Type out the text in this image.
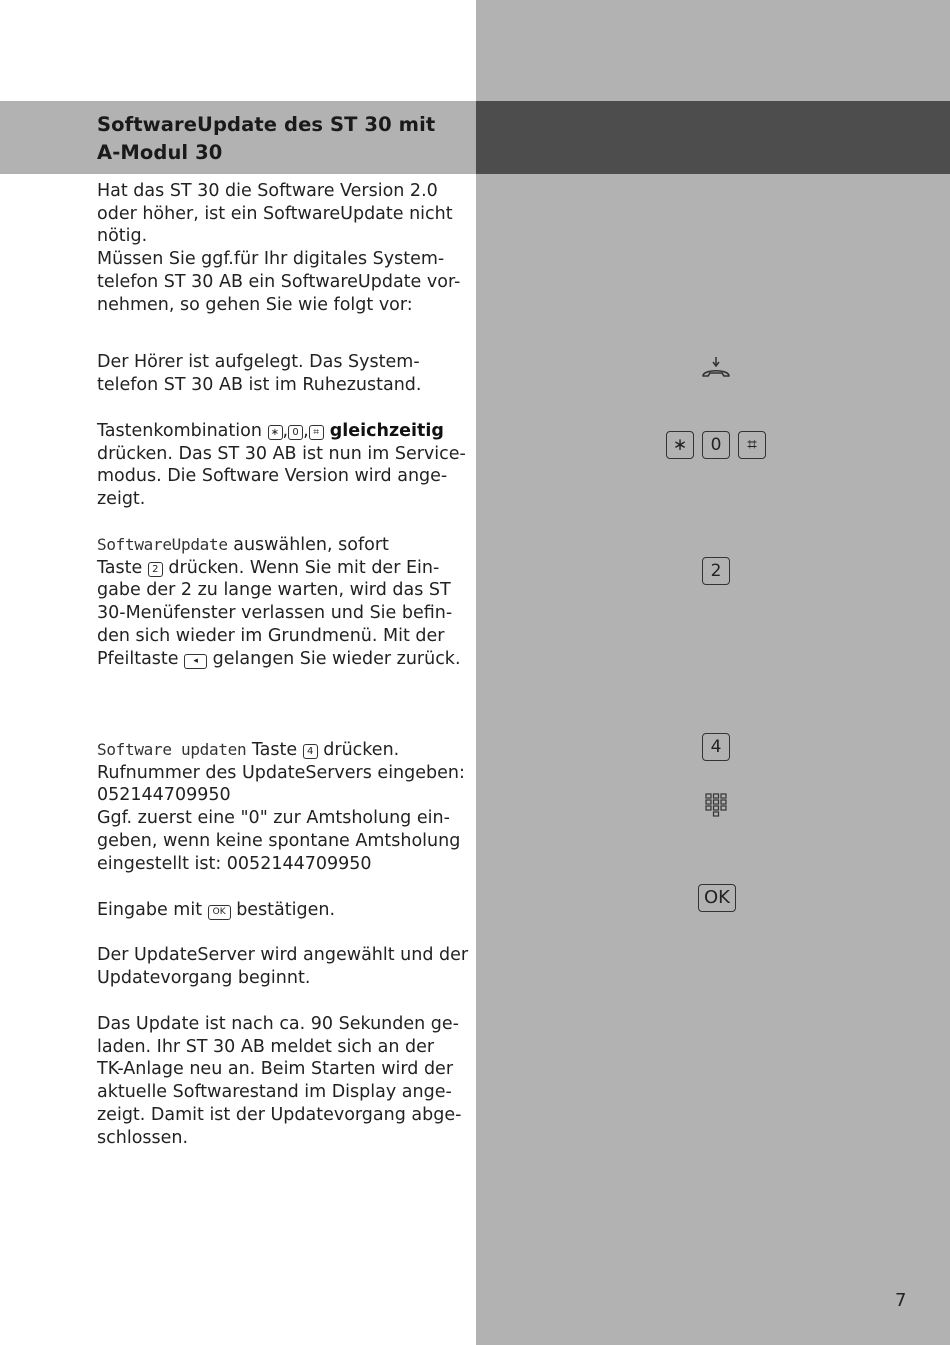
SoftwareUpdate des ST 30 mit
A-Modul 30

Hat das ST 30 die Software Version 2.0
oder höher, ist ein SoftwareUpdate nicht
nötig.
Müssen Sie ggf.für Ihr digitales System-
telefon ST 30 AB ein SoftwareUpdate vor-
nehmen, so gehen Sie wie folgt vor:

Der Hörer ist aufgelegt. Das System-
telefon ST 30 AB ist im Ruhezustand.

Tastenkombination ∗ , 0 , ⌗ gleichzeitig
drücken. Das ST 30 AB ist nun im Service-
modus. Die Software Version wird ange-
zeigt.

SoftwareUpdate auswählen, sofort
Taste 2 drücken. Wenn Sie mit der Ein-
gabe der 2 zu lange warten, wird das ST
30-Menüfenster verlassen und Sie befin-
den sich wieder im Grundmenü. Mit der
Pfeiltaste ◂ gelangen Sie wieder zurück.

Software updaten Taste 4 drücken.
Rufnummer des UpdateServers eingeben:
052144709950
Ggf. zuerst eine "0" zur Amtsholung ein-
geben, wenn keine spontane Amtsholung
eingestellt ist: 0052144709950

Eingabe mit OK bestätigen.

Der UpdateServer wird angewählt und der
Updatevorgang beginnt.

Das Update ist nach ca. 90 Sekunden ge-
laden. Ihr ST 30 AB meldet sich an der
TK-Anlage neu an. Beim Starten wird der
aktuelle Softwarestand im Display ange-
zeigt. Damit ist der Updatevorgang abge-
schlossen.

∗	0	⌗
2
4
OK
7
